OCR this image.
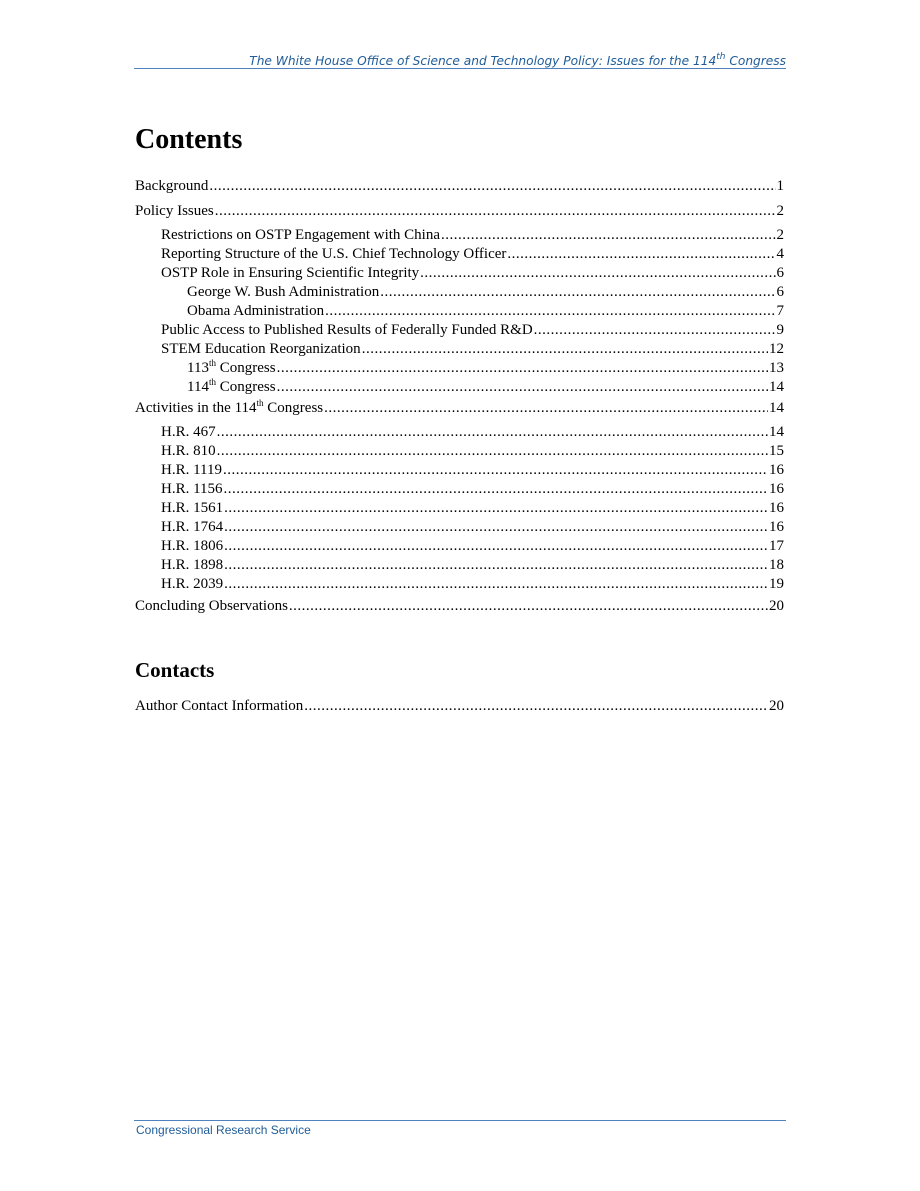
The White House Office of Science and Technology Policy: Issues for the 114th Congress
Contents
Background .....	1
Policy Issues .....	2
Restrictions on OSTP Engagement with China .....	2
Reporting Structure of the U.S. Chief Technology Officer .....	4
OSTP Role in Ensuring Scientific Integrity .....	6
George W. Bush Administration .....	6
Obama Administration .....	7
Public Access to Published Results of Federally Funded R&D .....	9
STEM Education Reorganization .....	12
113th Congress .....	13
114th Congress .....	14
Activities in the 114th Congress .....	14
H.R. 467 .....	14
H.R. 810 .....	15
H.R. 1119 .....	16
H.R. 1156 .....	16
H.R. 1561 .....	16
H.R. 1764 .....	16
H.R. 1806 .....	17
H.R. 1898 .....	18
H.R. 2039 .....	19
Concluding Observations .....	20
Contacts
Author Contact Information .....	20
Congressional Research Service
